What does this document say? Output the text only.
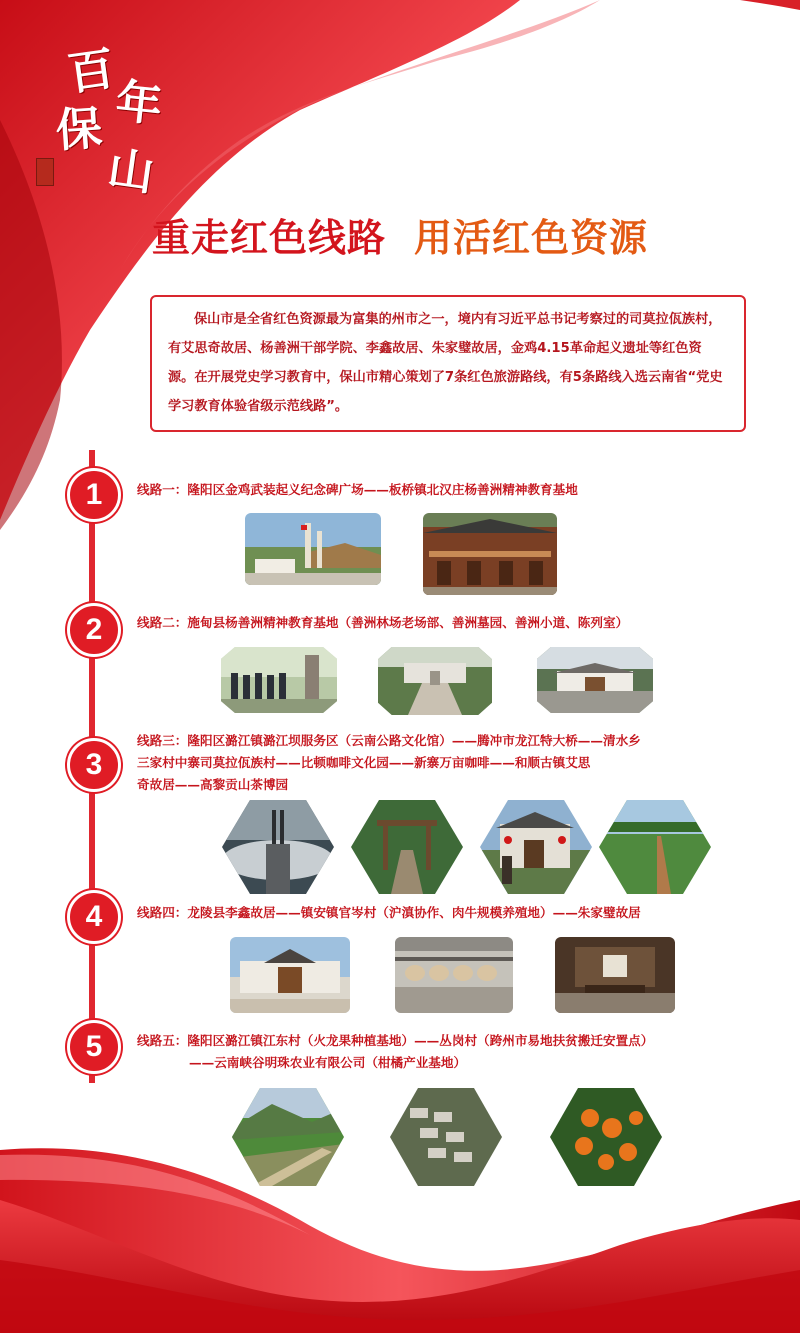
百
年
保
山
重走红色线路 用活红色资源

保山市是全省红色资源最为富集的州市之一，境内有习近平总书记考察过的司莫拉佤族村，有艾思奇故居、杨善洲干部学院、李鑫故居、朱家璧故居，金鸡4.15革命起义遗址等红色资源。在开展党史学习教育中，保山市精心策划了7条红色旅游路线，有5条路线入选云南省“党史学习教育体验省级示范线路”。

1	线路一：隆阳区金鸡武装起义纪念碑广场——板桥镇北汉庄杨善洲精神教育基地
2	线路二：施甸县杨善洲精神教育基地（善洲林场老场部、善洲墓园、善洲小道、陈列室）
3
线路三：隆阳区潞江镇潞江坝服务区（云南公路文化馆）——腾冲市龙江特大桥——清水乡
三家村中寨司莫拉佤族村——比顿咖啡文化园——新寨万亩咖啡——和顺古镇艾思
奇故居——高黎贡山茶博园
4	线路四：龙陵县李鑫故居——镇安镇官岑村（沪滇协作、肉牛规模养殖地）——朱家璧故居
5	线路五：隆阳区潞江镇江东村（火龙果种植基地）——丛岗村（跨州市易地扶贫搬迁安置点）
——云南峡谷明珠农业有限公司（柑橘产业基地）
